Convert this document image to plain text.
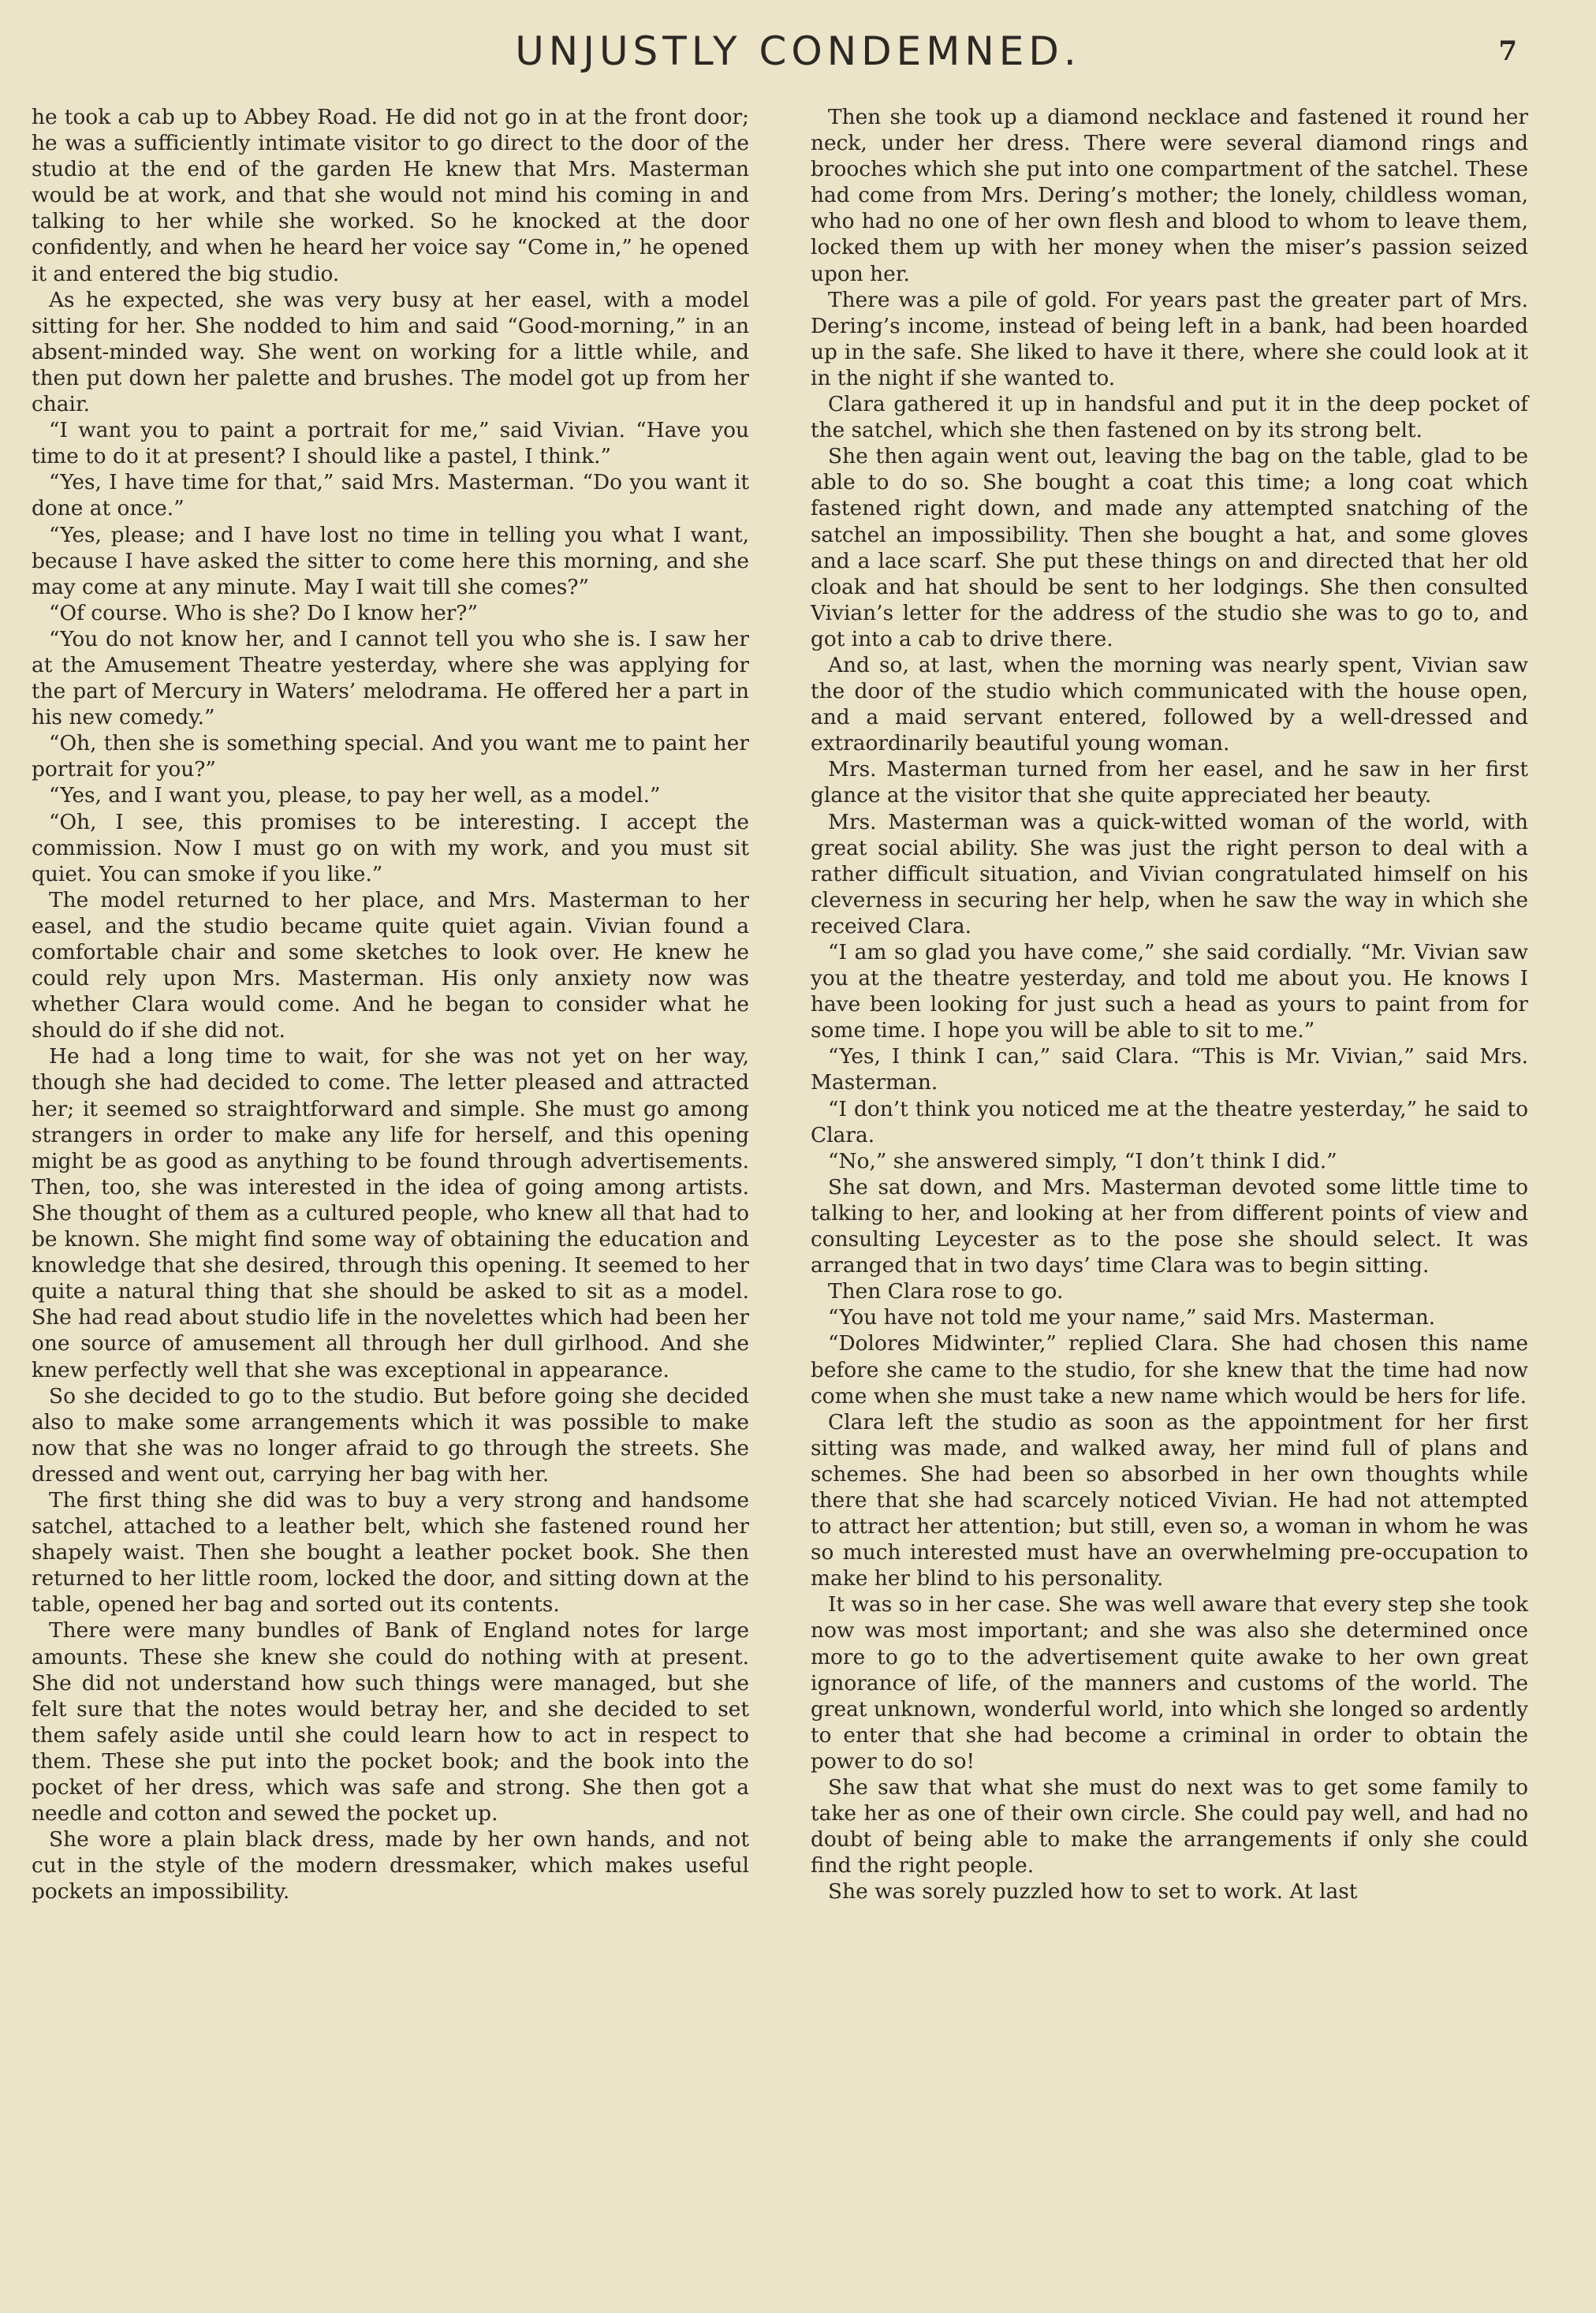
UNJUSTLY CONDEMNED.	7

he took a cab up to Abbey Road. He did not go in at the front door; he was a sufficiently intimate visitor to go direct to the door of the studio at the end of the garden He knew that Mrs. Masterman would be at work, and that she would not mind his coming in and talking to her while she worked. So he knocked at the door confidently, and when he heard her voice say “Come in,” he opened it and entered the big studio.

As he expected, she was very busy at her easel, with a model sitting for her. She nodded to him and said “Good-morning,” in an absent-minded way. She went on working for a little while, and then put down her palette and brushes. The model got up from her chair.

“I want you to paint a portrait for me,” said Vivian. “Have you time to do it at present? I should like a pastel, I think.”

“Yes, I have time for that,” said Mrs. Masterman. “Do you want it done at once.”

“Yes, please; and I have lost no time in telling you what I want, because I have asked the sitter to come here this morning, and she may come at any minute. May I wait till she comes?”

“Of course. Who is she? Do I know her?”

“You do not know her, and I cannot tell you who she is. I saw her at the Amusement Theatre yesterday, where she was applying for the part of Mercury in Waters’ melodrama. He offered her a part in his new comedy.”

“Oh, then she is something special. And you want me to paint her portrait for you?”

“Yes, and I want you, please, to pay her well, as a model.”

“Oh, I see, this promises to be interesting. I accept the commission. Now I must go on with my work, and you must sit quiet. You can smoke if you like.”

The model returned to her place, and Mrs. Masterman to her easel, and the studio became quite quiet again. Vivian found a comfortable chair and some sketches to look over. He knew he could rely upon Mrs. Masterman. His only anxiety now was whether Clara would come. And he began to consider what he should do if she did not.

He had a long time to wait, for she was not yet on her way, though she had decided to come. The letter pleased and attracted her; it seemed so straightforward and simple. She must go among strangers in order to make any life for herself, and this opening might be as good as anything to be found through advertisements. Then, too, she was interested in the idea of going among artists. She thought of them as a cultured people, who knew all that had to be known. She might find some way of obtaining the education and knowledge that she desired, through this opening. It seemed to her quite a natural thing that she should be asked to sit as a model. She had read about studio life in the novelettes which had been her one source of amusement all through her dull girlhood. And she knew perfectly well that she was exceptional in appearance.

So she decided to go to the studio. But before going she decided also to make some arrangements which it was possible to make now that she was no longer afraid to go through the streets. She dressed and went out, carrying her bag with her.

The first thing she did was to buy a very strong and handsome satchel, attached to a leather belt, which she fastened round her shapely waist. Then she bought a leather pocket book. She then returned to her little room, locked the door, and sitting down at the table, opened her bag and sorted out its contents.

There were many bundles of Bank of England notes for large amounts. These she knew she could do nothing with at present. She did not understand how such things were managed, but she felt sure that the notes would betray her, and she decided to set them safely aside until she could learn how to act in respect to them. These she put into the pocket book; and the book into the pocket of her dress, which was safe and strong. She then got a needle and cotton and sewed the pocket up.

She wore a plain black dress, made by her own hands, and not cut in the style of the modern dressmaker, which makes useful pockets an impossibility.

Then she took up a diamond necklace and fastened it round her neck, under her dress. There were several diamond rings and brooches which she put into one compartment of the satchel. These had come from Mrs. Dering’s mother; the lonely, childless woman, who had no one of her own flesh and blood to whom to leave them, locked them up with her money when the miser’s passion seized upon her.

There was a pile of gold. For years past the greater part of Mrs. Dering’s income, instead of being left in a bank, had been hoarded up in the safe. She liked to have it there, where she could look at it in the night if she wanted to.

Clara gathered it up in handsful and put it in the deep pocket of the satchel, which she then fastened on by its strong belt.

She then again went out, leaving the bag on the table, glad to be able to do so. She bought a coat this time; a long coat which fastened right down, and made any attempted snatching of the satchel an impossibility. Then she bought a hat, and some gloves and a lace scarf. She put these things on and directed that her old cloak and hat should be sent to her lodgings. She then consulted Vivian’s letter for the address of the studio she was to go to, and got into a cab to drive there.

And so, at last, when the morning was nearly spent, Vivian saw the door of the studio which communicated with the house open, and a maid servant entered, followed by a well-dressed and extraordinarily beautiful young woman.

Mrs. Masterman turned from her easel, and he saw in her first glance at the visitor that she quite appreciated her beauty.

Mrs. Masterman was a quick-witted woman of the world, with great social ability. She was just the right person to deal with a rather difficult situation, and Vivian congratulated himself on his cleverness in securing her help, when he saw the way in which she received Clara.

“I am so glad you have come,” she said cordially. “Mr. Vivian saw you at the theatre yesterday, and told me about you. He knows I have been looking for just such a head as yours to paint from for some time. I hope you will be able to sit to me.”

“Yes, I think I can,” said Clara. “This is Mr. Vivian,” said Mrs. Masterman.

“I don’t think you noticed me at the theatre yesterday,” he said to Clara.

“No,” she answered simply, “I don’t think I did.”

She sat down, and Mrs. Masterman devoted some little time to talking to her, and looking at her from different points of view and consulting Leycester as to the pose she should select. It was arranged that in two days’ time Clara was to begin sitting.

Then Clara rose to go.

“You have not told me your name,” said Mrs. Masterman.

“Dolores Midwinter,” replied Clara. She had chosen this name before she came to the studio, for she knew that the time had now come when she must take a new name which would be hers for life.

Clara left the studio as soon as the appointment for her first sitting was made, and walked away, her mind full of plans and schemes. She had been so absorbed in her own thoughts while there that she had scarcely noticed Vivian. He had not attempted to attract her attention; but still, even so, a woman in whom he was so much interested must have an overwhelming pre-occupation to make her blind to his personality.

It was so in her case. She was well aware that every step she took now was most important; and she was also she determined once more to go to the advertisement quite awake to her own great ignorance of life, of the manners and customs of the world. The great unknown, wonderful world, into which she longed so ardently to enter that she had become a criminal in order to obtain the power to do so!

She saw that what she must do next was to get some family to take her as one of their own circle. She could pay well, and had no doubt of being able to make the arrangements if only she could find the right people.

She was sorely puzzled how to set to work. At last
